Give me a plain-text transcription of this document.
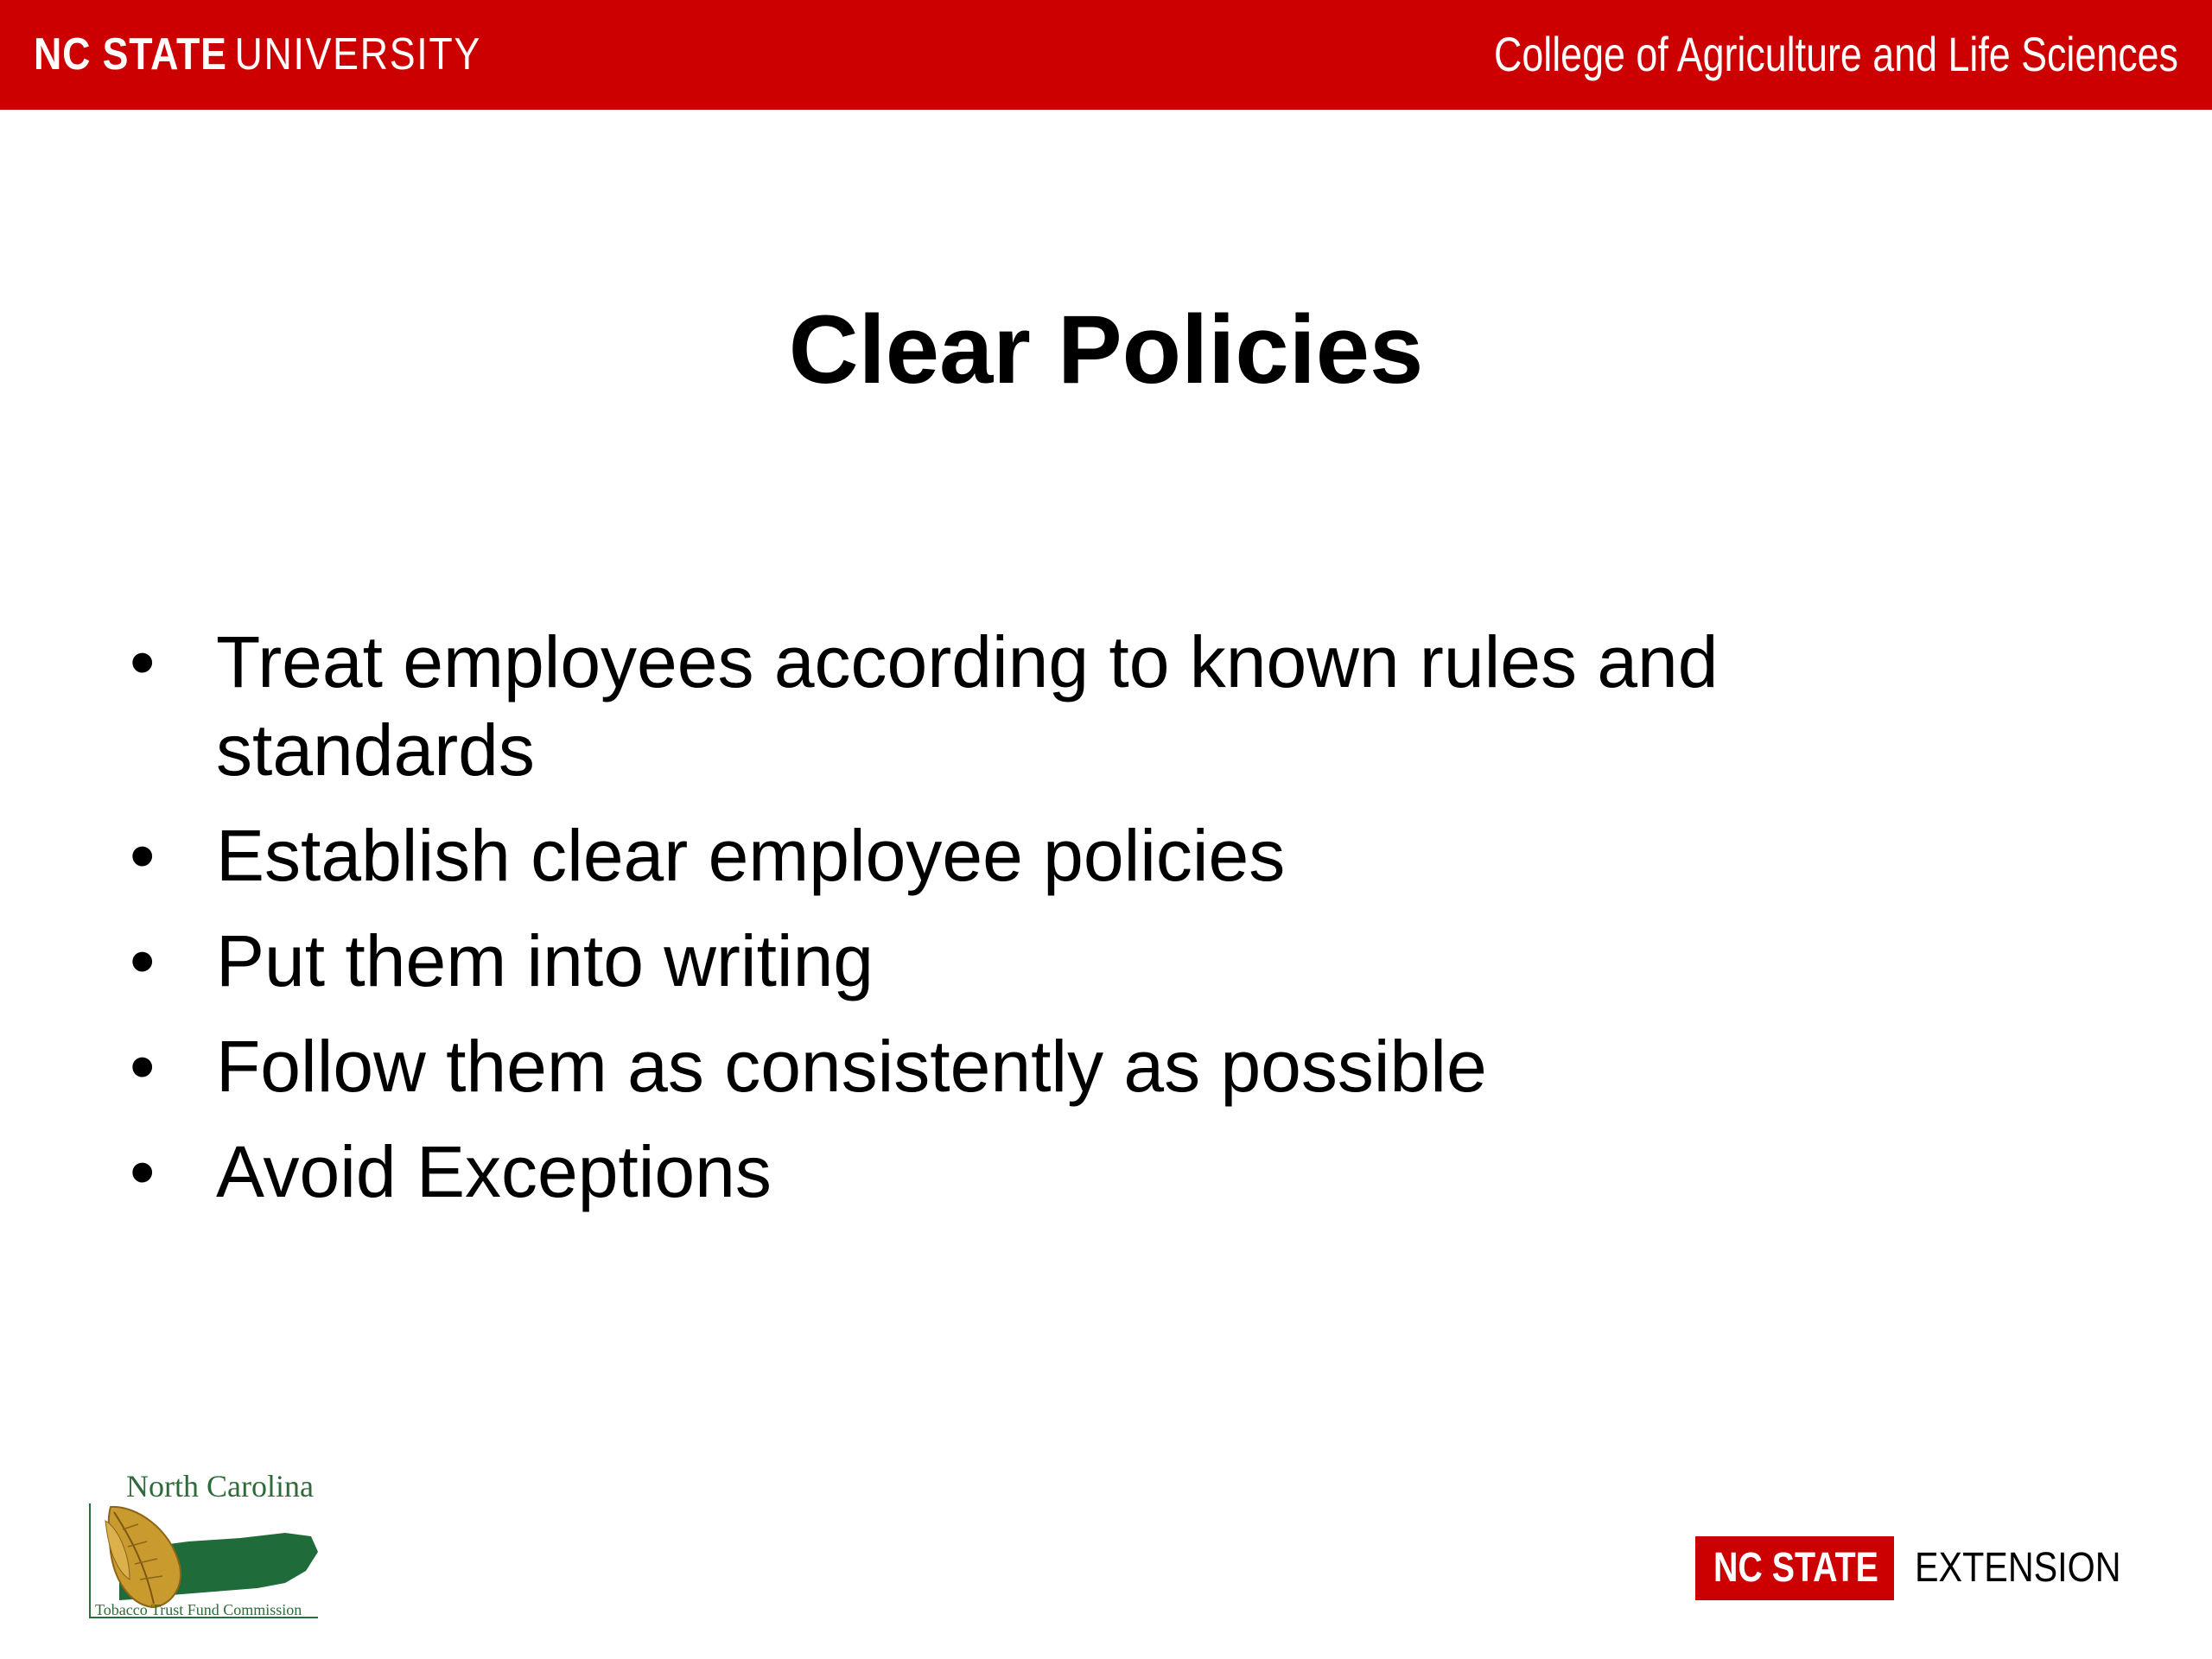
NC STATE UNIVERSITY	College of Agriculture and Life Sciences
Clear Policies
• Treat employees according to known rules and standards
• Establish clear employee policies
• Put them into writing
• Follow them as consistently as possible
• Avoid Exceptions
North Carolina
Tobacco Trust Fund Commission
NC STATE EXTENSION
